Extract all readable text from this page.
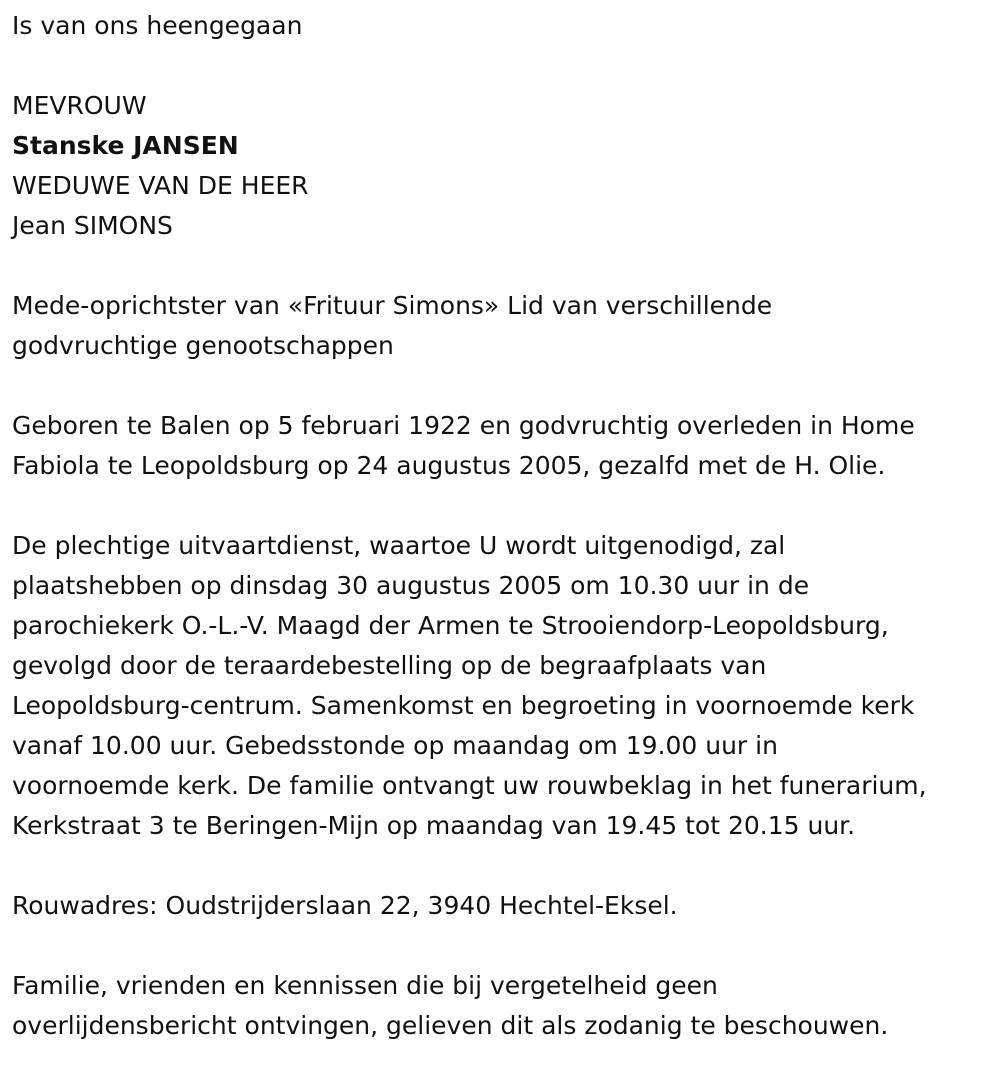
Is van ons heengegaan

MEVROUW

Stanske JANSEN

WEDUWE VAN DE HEER

Jean SIMONS

Mede-oprichtster van «Frituur Simons» Lid van verschillende

godvruchtige genootschappen

Geboren te Balen op 5 februari 1922 en godvruchtig overleden in Home

Fabiola te Leopoldsburg op 24 augustus 2005, gezalfd met de H. Olie.

De plechtige uitvaartdienst, waartoe U wordt uitgenodigd, zal

plaatshebben op dinsdag 30 augustus 2005 om 10.30 uur in de

parochiekerk O.-L.-V. Maagd der Armen te Strooiendorp-Leopoldsburg,

gevolgd door de teraardebestelling op de begraafplaats van

Leopoldsburg-centrum. Samenkomst en begroeting in voornoemde kerk

vanaf 10.00 uur. Gebedsstonde op maandag om 19.00 uur in

voornoemde kerk. De familie ontvangt uw rouwbeklag in het funerarium,

Kerkstraat 3 te Beringen-Mijn op maandag van 19.45 tot 20.15 uur.

Rouwadres: Oudstrijderslaan 22, 3940 Hechtel-Eksel.

Familie, vrienden en kennissen die bij vergetelheid geen

overlijdensbericht ontvingen, gelieven dit als zodanig te beschouwen.
